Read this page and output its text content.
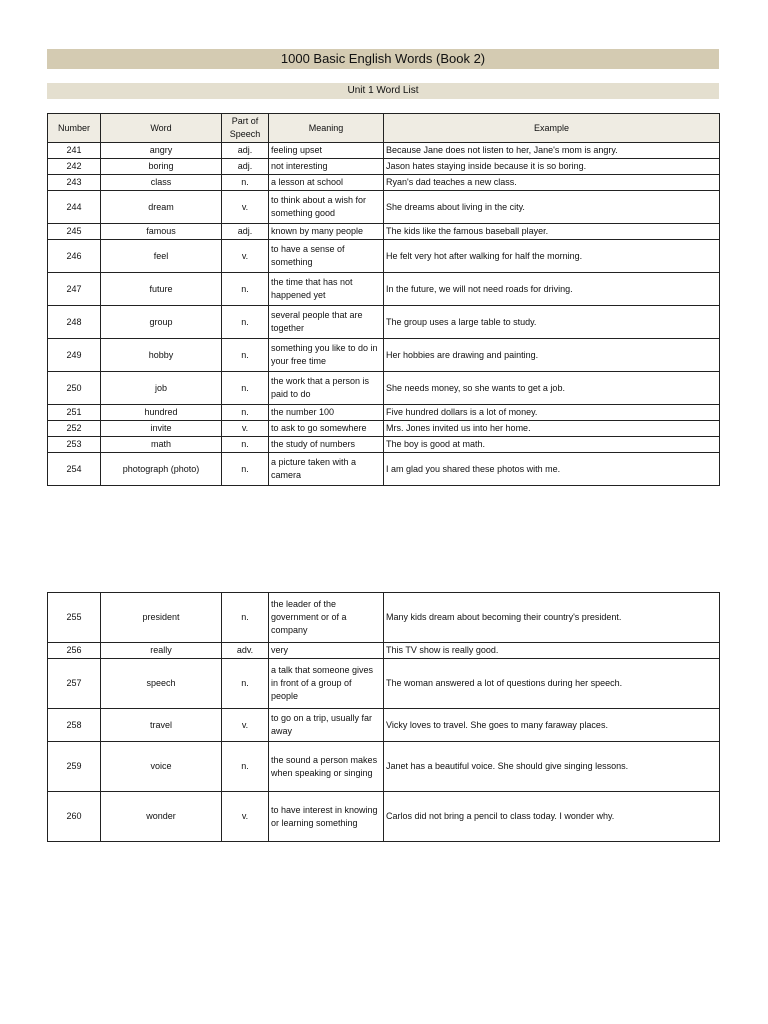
1000 Basic English Words (Book 2)
Unit 1 Word List
Number	Word	Part of Speech	Meaning	Example
241	angry	adj.	feeling upset	Because Jane does not listen to her, Jane's mom is angry.
242	boring	adj.	not interesting	Jason hates staying inside because it is so boring.
243	class	n.	a lesson at school	Ryan's dad teaches a new class.
244	dream	v.	to think about a wish for something good	She dreams about living in the city.
245	famous	adj.	known by many people	The kids like the famous baseball player.
246	feel	v.	to have a sense of something	He felt very hot after walking for half the morning.
247	future	n.	the time that has not happened yet	In the future, we will not need roads for driving.
248	group	n.	several people that are together	The group uses a large table to study.
249	hobby	n.	something you like to do in your free time	Her hobbies are drawing and painting.
250	job	n.	the work that a person is paid to do	She needs money, so she wants to get a job.
251	hundred	n.	the number 100	Five hundred dollars is a lot of money.
252	invite	v.	to ask to go somewhere	Mrs. Jones invited us into her home.
253	math	n.	the study of numbers	The boy is good at math.
254	photograph (photo)	n.	a picture taken with a camera	I am glad you shared these photos with me.
255	president	n.	the leader of the government or of a company	Many kids dream about becoming their country's president.
256	really	adv.	very	This TV show is really good.
257	speech	n.	a talk that someone gives in front of a group of people	The woman answered a lot of questions during her speech.
258	travel	v.	to go on a trip, usually far away	Vicky loves to travel. She goes to many faraway places.
259	voice	n.	the sound a person makes when speaking or singing	Janet has a beautiful voice. She should give singing lessons.
260	wonder	v.	to have interest in knowing or learning something	Carlos did not bring a pencil to class today. I wonder why.
